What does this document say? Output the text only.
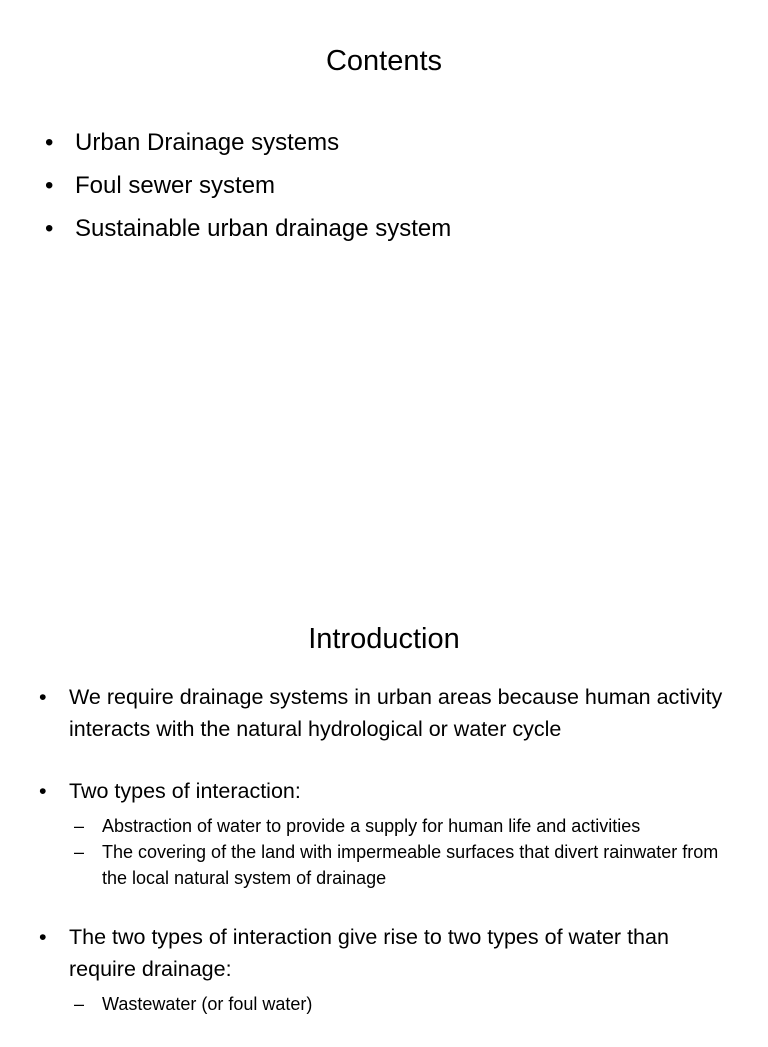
Contents
• Urban Drainage systems
• Foul sewer system
• Sustainable urban drainage system
Introduction
• We require drainage systems in urban areas because human activity interacts with the natural hydrological or water cycle
• Two types of interaction:
– Abstraction of water to provide a supply for human life and activities
– The covering of the land with impermeable surfaces that divert rainwater from the local natural system of drainage
• The two types of interaction give rise to two types of water than require drainage:
– Wastewater (or foul water)
